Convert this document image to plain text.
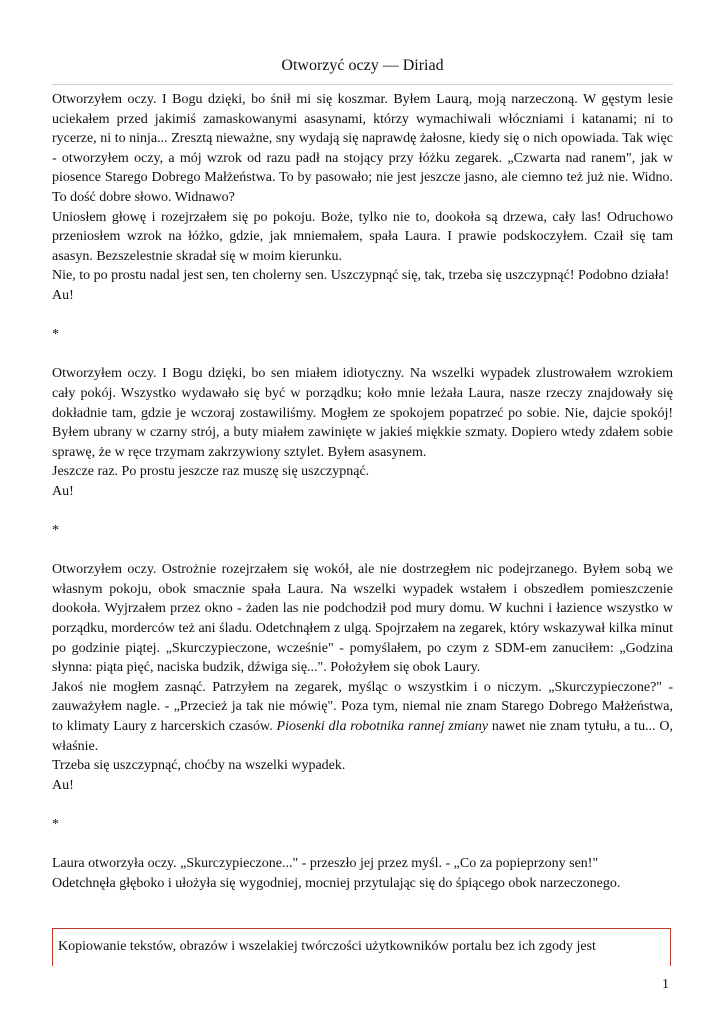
Otworzyć oczy — Diriad

Otworzyłem oczy. I Bogu dzięki, bo śnił mi się koszmar. Byłem Laurą, moją narzeczoną. W gęstym lesie uciekałem przed jakimiś zamaskowanymi asasynami, którzy wymachiwali włóczniami i katanami; ni to rycerze, ni to ninja... Zresztą nieważne, sny wydają się naprawdę żałosne, kiedy się o nich opowiada. Tak więc - otworzyłem oczy, a mój wzrok od razu padł na stojący przy łóżku zegarek. „Czwarta nad ranem", jak w piosence Starego Dobrego Małżeństwa. To by pasowało; nie jest jeszcze jasno, ale ciemno też już nie. Widno. To dość dobre słowo. Widnawo?

Uniosłem głowę i rozejrzałem się po pokoju. Boże, tylko nie to, dookoła są drzewa, cały las! Odruchowo przeniosłem wzrok na łóżko, gdzie, jak mniemałem, spała Laura. I prawie podskoczyłem. Czaił się tam asasyn. Bezszelestnie skradał się w moim kierunku.

Nie, to po prostu nadal jest sen, ten cholerny sen. Uszczypnąć się, tak, trzeba się uszczypnąć! Podobno działa!

Au!

*

Otworzyłem oczy. I Bogu dzięki, bo sen miałem idiotyczny. Na wszelki wypadek zlustrowałem wzrokiem cały pokój. Wszystko wydawało się być w porządku; koło mnie leżała Laura, nasze rzeczy znajdowały się dokładnie tam, gdzie je wczoraj zostawiliśmy. Mogłem ze spokojem popatrzeć po sobie. Nie, dajcie spokój! Byłem ubrany w czarny strój, a buty miałem zawinięte w jakieś miękkie szmaty. Dopiero wtedy zdałem sobie sprawę, że w ręce trzymam zakrzywiony sztylet. Byłem asasynem.

Jeszcze raz. Po prostu jeszcze raz muszę się uszczypnąć.

Au!

*

Otworzyłem oczy. Ostrożnie rozejrzałem się wokół, ale nie dostrzegłem nic podejrzanego. Byłem sobą we własnym pokoju, obok smacznie spała Laura. Na wszelki wypadek wstałem i obszedłem pomieszczenie dookoła. Wyjrzałem przez okno - żaden las nie podchodził pod mury domu. W kuchni i łazience wszystko w porządku, morderców też ani śladu. Odetchnąłem z ulgą. Spojrzałem na zegarek, który wskazywał kilka minut po godzinie piątej. „Skurczypieczone, wcześnie" - pomyślałem, po czym z SDM-em zanuciłem: „Godzina słynna: piąta pięć, naciska budzik, dźwiga się...". Położyłem się obok Laury.

Jakoś nie mogłem zasnąć. Patrzyłem na zegarek, myśląc o wszystkim i o niczym. „Skurczypieczone?" - zauważyłem nagle. - „Przecież ja tak nie mówię". Poza tym, niemal nie znam Starego Dobrego Małżeństwa, to klimaty Laury z harcerskich czasów. Piosenki dla robotnika rannej zmiany nawet nie znam tytułu, a tu... O, właśnie.

Trzeba się uszczypnąć, choćby na wszelki wypadek.

Au!

*

Laura otworzyła oczy. „Skurczypieczone..." - przeszło jej przez myśl. - „Co za popieprzony sen!"

Odetchnęła głęboko i ułożyła się wygodniej, mocniej przytulając się do śpiącego obok narzeczonego.

Kopiowanie tekstów, obrazów i wszelakiej twórczości użytkowników portalu bez ich zgody jest
1
